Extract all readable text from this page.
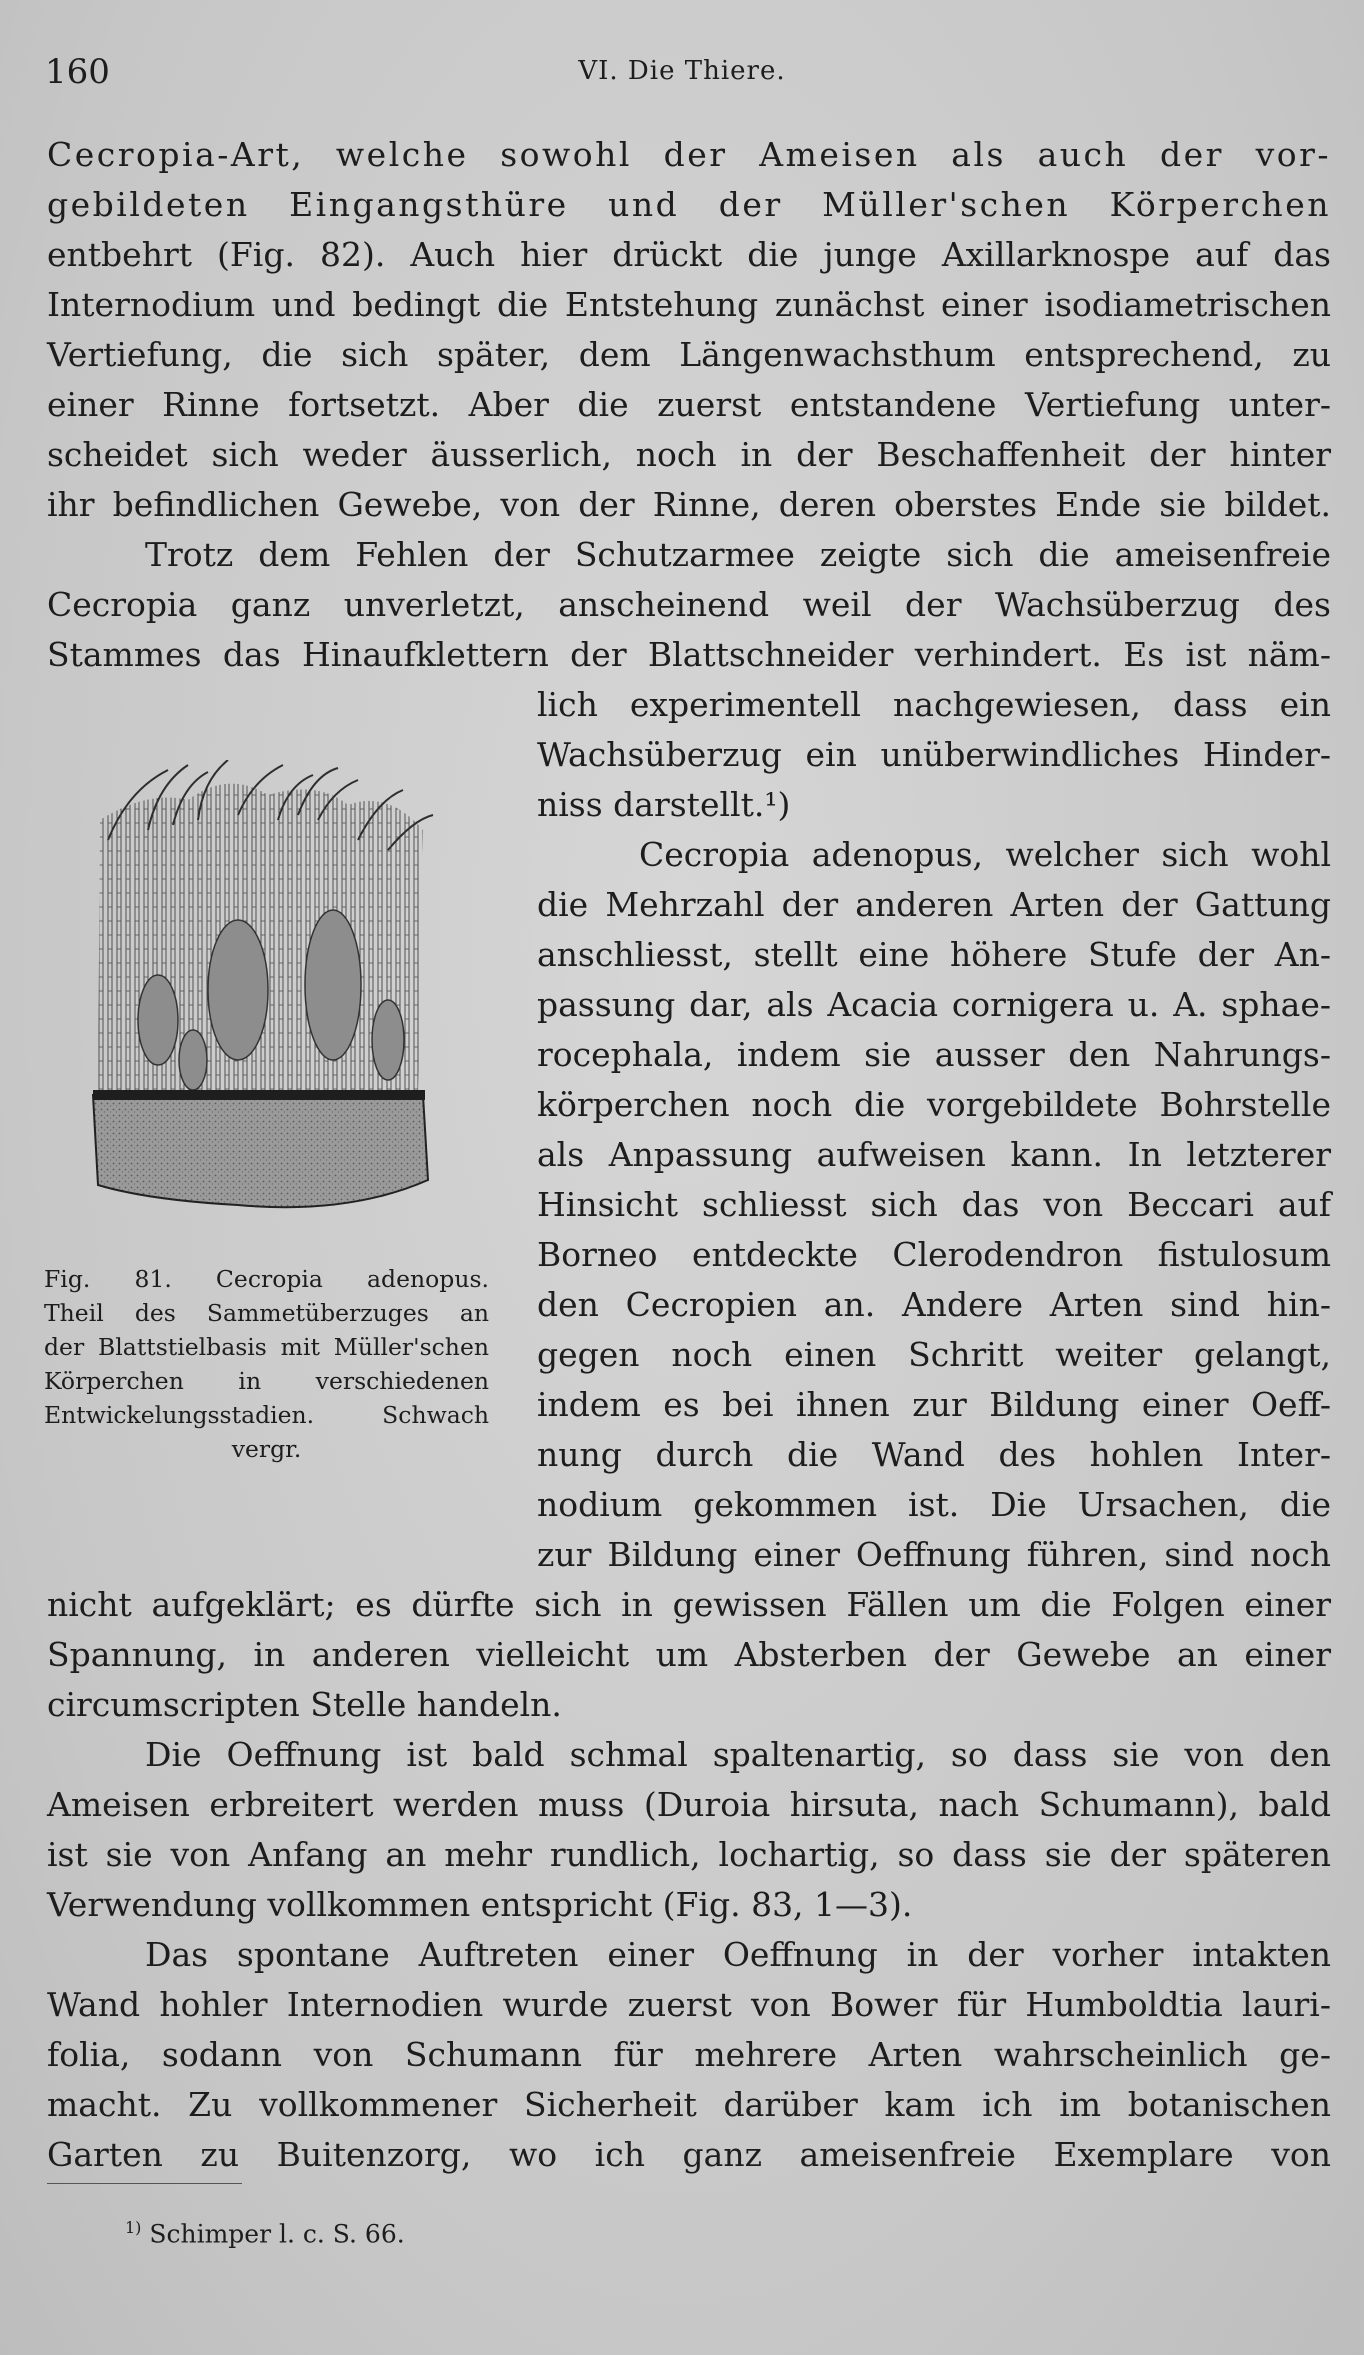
160	VI. Die Thiere.
Cecropia-Art, welche sowohl der Ameisen als auch der vor-
gebildeten Eingangsthüre und der Müller'schen Körperchen
entbehrt (Fig. 82). Auch hier drückt die junge Axillarknospe auf das
Internodium und bedingt die Entstehung zunächst einer isodiametrischen
Vertiefung, die sich später, dem Längenwachsthum entsprechend, zu
einer Rinne fortsetzt. Aber die zuerst entstandene Vertiefung unter-
scheidet sich weder äusserlich, noch in der Beschaffenheit der hinter
ihr befindlichen Gewebe, von der Rinne, deren oberstes Ende sie bildet.
Trotz dem Fehlen der Schutzarmee zeigte sich die ameisenfreie
Cecropia ganz unverletzt, anscheinend weil der Wachsüberzug des
Stammes das Hinaufklettern der Blattschneider verhindert. Es ist näm-
lich experimentell nachgewiesen, dass ein
Wachsüberzug ein unüberwindliches Hinder-
niss darstellt.¹)
Cecropia adenopus, welcher sich wohl
die Mehrzahl der anderen Arten der Gattung
anschliesst, stellt eine höhere Stufe der An-
passung dar, als Acacia cornigera u. A. sphae-
rocephala, indem sie ausser den Nahrungs-
körperchen noch die vorgebildete Bohrstelle
als Anpassung aufweisen kann. In letzterer
Hinsicht schliesst sich das von Beccari auf
Borneo entdeckte Clerodendron fistulosum
den Cecropien an. Andere Arten sind hin-
gegen noch einen Schritt weiter gelangt,
indem es bei ihnen zur Bildung einer Oeff-
nung durch die Wand des hohlen Inter-
nodium gekommen ist. Die Ursachen, die
zur Bildung einer Oeffnung führen, sind noch
nicht aufgeklärt; es dürfte sich in gewissen Fällen um die Folgen einer
Spannung, in anderen vielleicht um Absterben der Gewebe an einer
circumscripten Stelle handeln.
Die Oeffnung ist bald schmal spaltenartig, so dass sie von den
Ameisen erbreitert werden muss (Duroia hirsuta, nach Schumann), bald
ist sie von Anfang an mehr rundlich, lochartig, so dass sie der späteren
Verwendung vollkommen entspricht (Fig. 83, 1—3).
Das spontane Auftreten einer Oeffnung in der vorher intakten
Wand hohler Internodien wurde zuerst von Bower für Humboldtia lauri-
folia, sodann von Schumann für mehrere Arten wahrscheinlich ge-
macht. Zu vollkommener Sicherheit darüber kam ich im botanischen
Garten zu Buitenzorg, wo ich ganz ameisenfreie Exemplare von
Fig. 81. Cecropia adenopus.
Theil des Sammetüberzuges an
der Blattstielbasis mit Müller'schen
Körperchen in verschiedenen
Entwickelungsstadien. Schwach
vergr.
$^{1)}$ Schimper l. c. S. 66.
